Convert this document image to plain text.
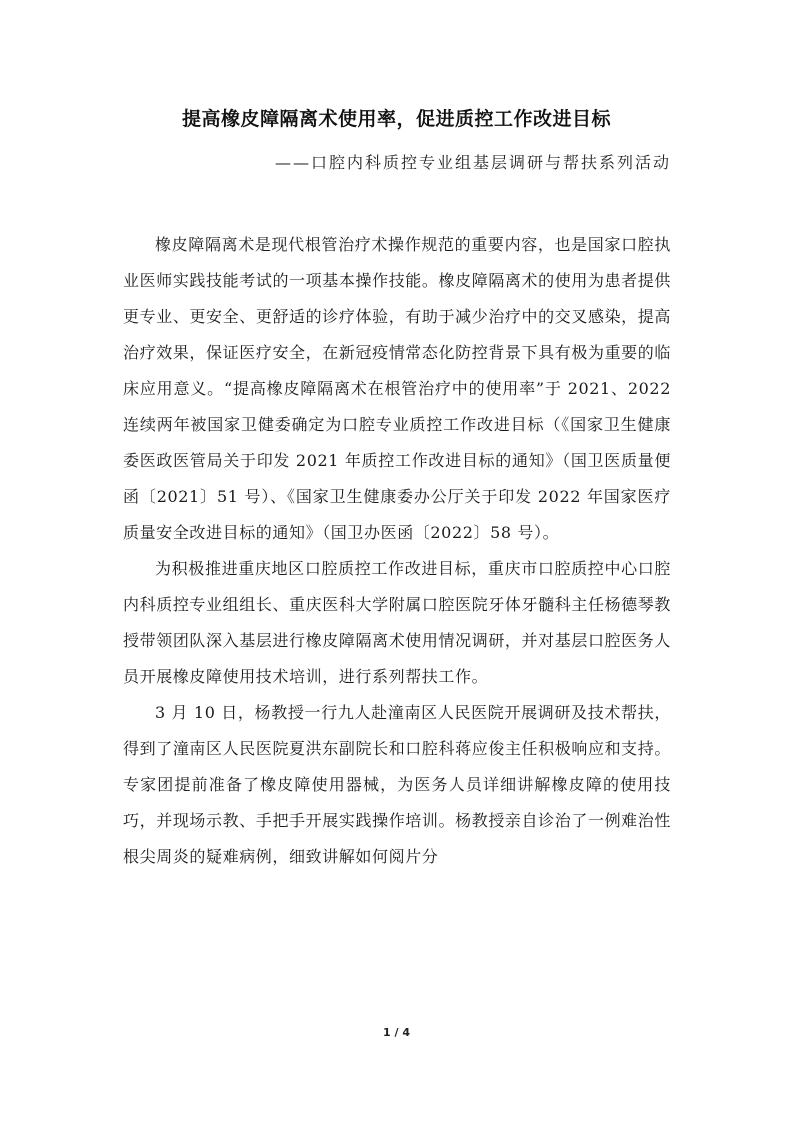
提高橡皮障隔离术使用率，促进质控工作改进目标
——口腔内科质控专业组基层调研与帮扶系列活动

橡皮障隔离术是现代根管治疗术操作规范的重要内容，也是国家口腔执业医师实践技能考试的一项基本操作技能。橡皮障隔离术的使用为患者提供更专业、更安全、更舒适的诊疗体验，有助于减少治疗中的交叉感染，提高治疗效果，保证医疗安全，在新冠疫情常态化防控背景下具有极为重要的临床应用意义。“提高橡皮障隔离术在根管治疗中的使用率”于 2021、2022 连续两年被国家卫健委确定为口腔专业质控工作改进目标（《国家卫生健康委医政医管局关于印发 2021 年质控工作改进目标的通知》（国卫医质量便函〔2021〕51 号）、《国家卫生健康委办公厅关于印发 2022 年国家医疗质量安全改进目标的通知》（国卫办医函〔2022〕58 号）。

为积极推进重庆地区口腔质控工作改进目标，重庆市口腔质控中心口腔内科质控专业组组长、重庆医科大学附属口腔医院牙体牙髓科主任杨德琴教授带领团队深入基层进行橡皮障隔离术使用情况调研，并对基层口腔医务人员开展橡皮障使用技术培训，进行系列帮扶工作。

3 月 10 日，杨教授一行九人赴潼南区人民医院开展调研及技术帮扶，得到了潼南区人民医院夏洪东副院长和口腔科蒋应俊主任积极响应和支持。专家团提前准备了橡皮障使用器械，为医务人员详细讲解橡皮障的使用技巧，并现场示教、手把手开展实践操作培训。杨教授亲自诊治了一例难治性根尖周炎的疑难病例，细致讲解如何阅片分

1 / 4
